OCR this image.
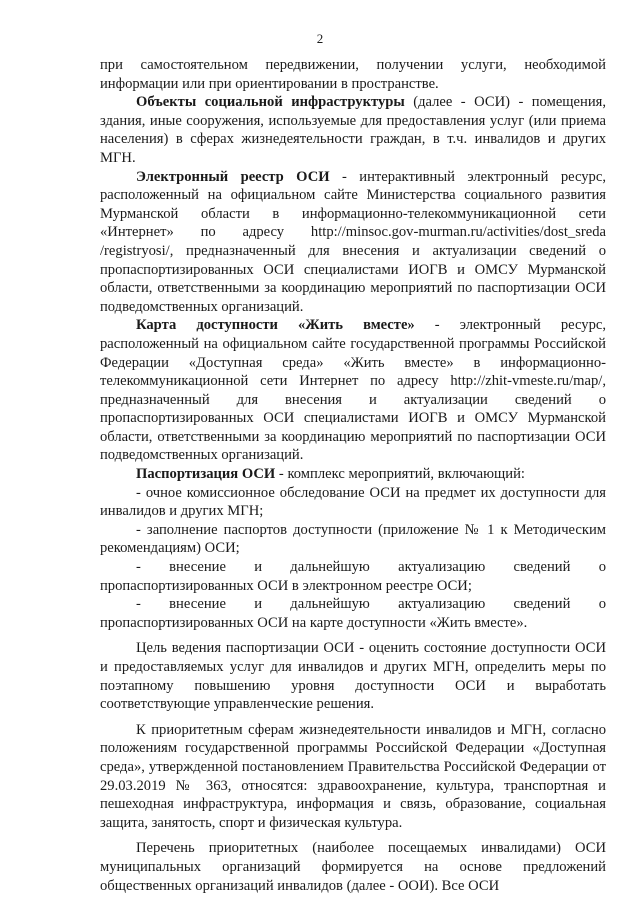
2

при самостоятельном передвижении, получении услуги, необходимой информации или при ориентировании в пространстве.

Объекты социальной инфраструктуры (далее - ОСИ) - помещения, здания, иные сооружения, используемые для предоставления услуг (или приема населения) в сферах жизнедеятельности граждан, в т.ч. инвалидов и других МГН.

Электронный реестр ОСИ - интерактивный электронный ресурс, расположенный на официальном сайте Министерства социального развития Мурманской области в информационно-телекоммуникационной сети «Интернет» по адресу http://minsoc.gov-murman.ru/activities/dost_sreda /registryosi/, предназначенный для внесения и актуализации сведений о пропаспортизированных ОСИ специалистами ИОГВ и ОМСУ Мурманской области, ответственными за координацию мероприятий по паспортизации ОСИ подведомственных организаций.

Карта доступности «Жить вместе» - электронный ресурс, расположенный на официальном сайте государственной программы Российской Федерации «Доступная среда» «Жить вместе» в информационно-телекоммуникационной сети Интернет по адресу http://zhit-vmeste.ru/map/, предназначенный для внесения и актуализации сведений о пропаспортизированных ОСИ специалистами ИОГВ и ОМСУ Мурманской области, ответственными за координацию мероприятий по паспортизации ОСИ подведомственных организаций.

Паспортизация ОСИ - комплекс мероприятий, включающий:

- очное комиссионное обследование ОСИ на предмет их доступности для инвалидов и других МГН;

- заполнение паспортов доступности (приложение № 1 к Методическим рекомендациям) ОСИ;

- внесение и дальнейшую актуализацию сведений о пропаспортизированных ОСИ в электронном реестре ОСИ;

- внесение и дальнейшую актуализацию сведений о пропаспортизированных ОСИ на карте доступности «Жить вместе».

Цель ведения паспортизации ОСИ - оценить состояние доступности ОСИ и предоставляемых услуг для инвалидов и других МГН, определить меры по поэтапному повышению уровня доступности ОСИ и выработать соответствующие управленческие решения.

К приоритетным сферам жизнедеятельности инвалидов и МГН, согласно положениям государственной программы Российской Федерации «Доступная среда», утвержденной постановлением Правительства Российской Федерации от 29.03.2019 № 363, относятся: здравоохранение, культура, транспортная и пешеходная инфраструктура, информация и связь, образование, социальная защита, занятость, спорт и физическая культура.

Перечень приоритетных (наиболее посещаемых инвалидами) ОСИ муниципальных организаций формируется на основе предложений общественных организаций инвалидов (далее - ООИ). Все ОСИ
